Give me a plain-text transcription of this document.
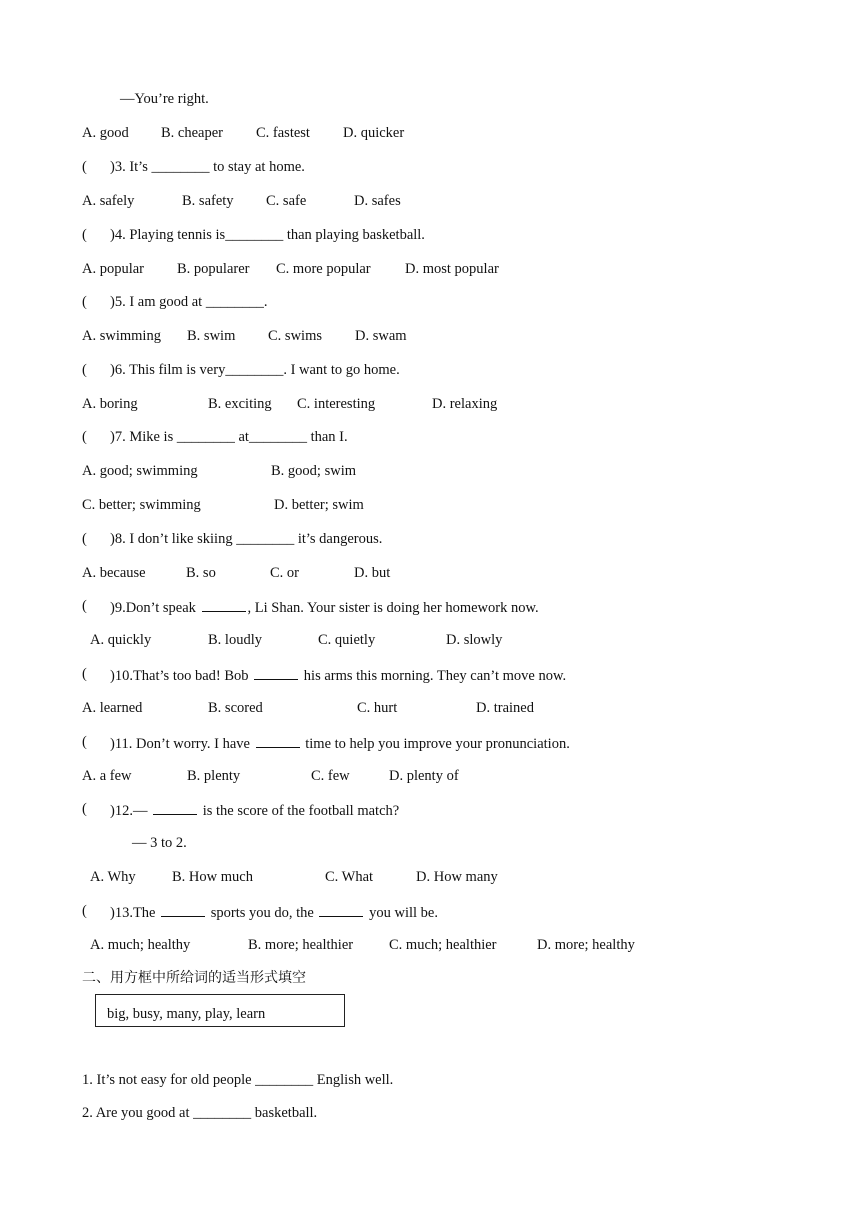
—You’re right.
A. good B. cheaper C. fastest D. quicker
( )3. It’s ________ to stay at home.
A. safely	B. safety C. safe	D. safes
( )4. Playing tennis is________ than playing basketball.
A. popular B. popularer C. more popular D. most popular
( )5. I am good at ________.
A. swimming B. swim C. swims D. swam
( )6. This film is very________. I want to go home.
A. boring	B. exciting C. interesting	D. relaxing
( )7. Mike is ________ at________ than I.
A. good; swimming	B. good; swim
C. better; swimming	D. better; swim
( )8. I don’t like skiing ________ it’s dangerous.
A. because	B. so	C. or	D. but
( )9.Don’t speak	, Li Shan. Your sister is doing her homework now.
A. quickly	B. loudly	C. quietly	D. slowly
( )10.That’s too bad! Bob	his arms this morning. They can’t move now.
A. learned	B. scored	C. hurt	D. trained
( )11. Don’t worry. I have	time to help you improve your pronunciation.
A. a few	B. plenty	C. few	D. plenty of
( )12.—	is the score of the football match?
— 3 to 2.
A. Why	B. How much	C. What	D. How many
( )13.The	sports you do, the	you will be.
A. much; healthy	B. more; healthier C. much; healthier	D. more; healthy
二、用方框中所给词的适当形式填空
big, busy, many, play, learn
1. It’s not easy for old people ________ English well.
2. Are you good at ________ basketball.
